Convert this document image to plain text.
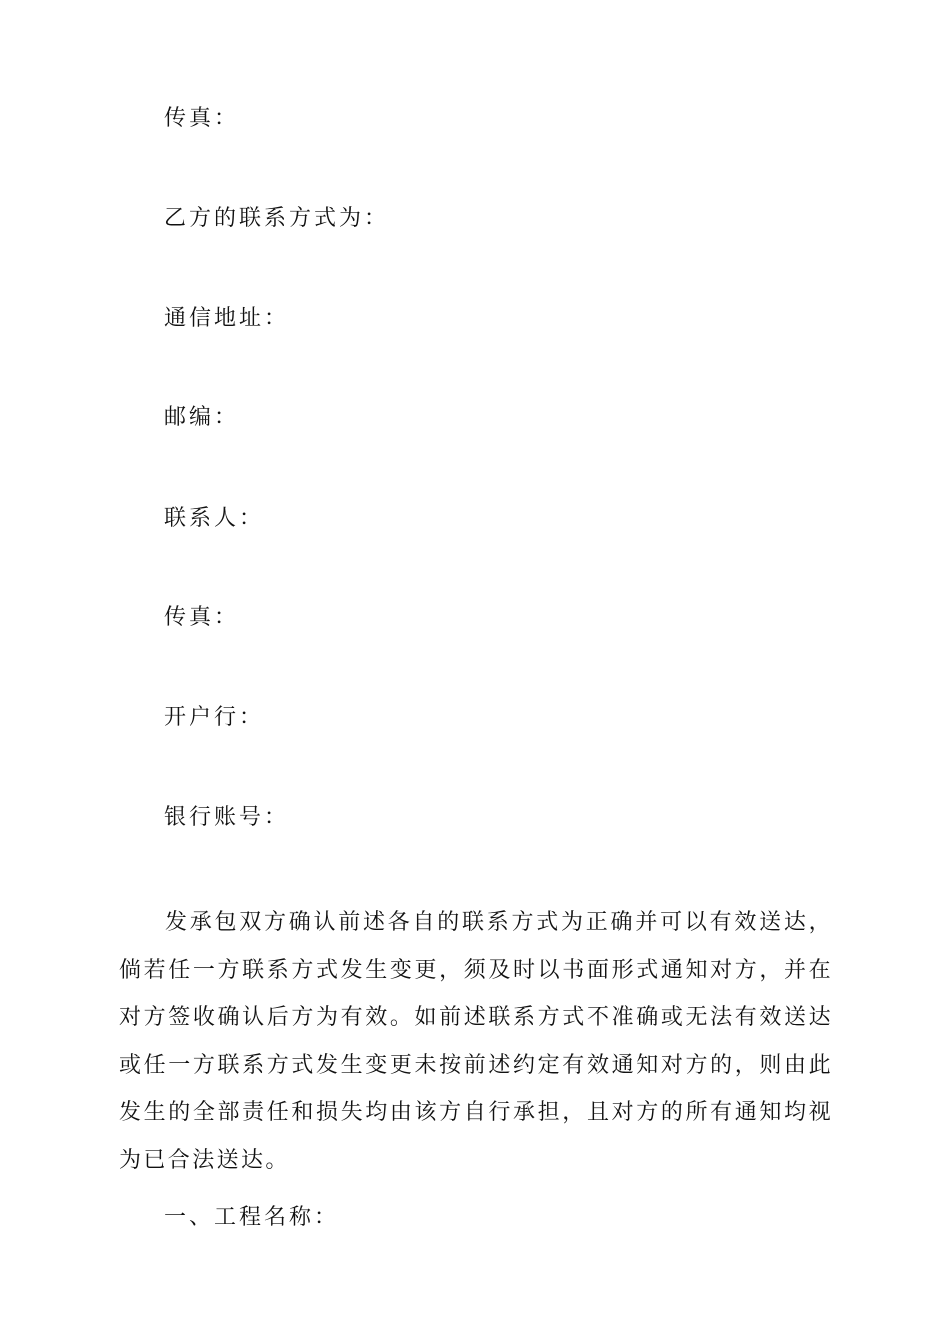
传真：
乙方的联系方式为：
通信地址：
邮编：
联系人：
传真：
开户行：
银行账号：

发承包双方确认前述各自的联系方式为正确并可以有效送达，倘若任一方联系方式发生变更，须及时以书面形式通知对方，并在对方签收确认后方为有效。如前述联系方式不准确或无法有效送达或任一方联系方式发生变更未按前述约定有效通知对方的，则由此发生的全部责任和损失均由该方自行承担，且对方的所有通知均视为已合法送达。

一、工程名称：
